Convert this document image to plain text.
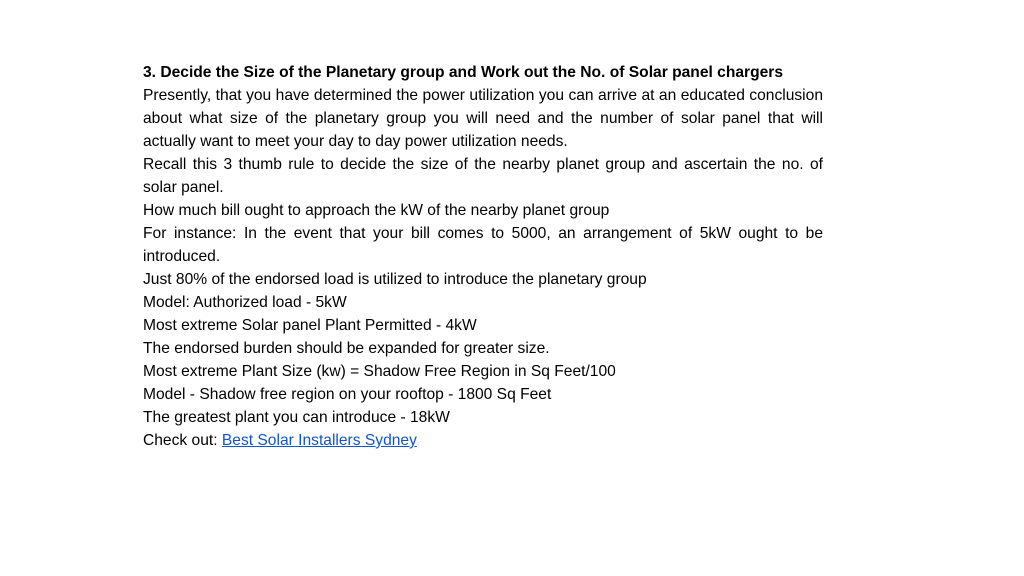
3. Decide the Size of the Planetary group and Work out the No. of Solar panel chargers

Presently, that you have determined the power utilization you can arrive at an educated conclusion about what size of the planetary group you will need and the number of solar panel that will actually want to meet your day to day power utilization needs.

Recall this 3 thumb rule to decide the size of the nearby planet group and ascertain the no. of solar panel.

How much bill ought to approach the kW of the nearby planet group

For instance: In the event that your bill comes to 5000, an arrangement of 5kW ought to be introduced.

Just 80% of the endorsed load is utilized to introduce the planetary group

Model: Authorized load - 5kW

Most extreme Solar panel Plant Permitted - 4kW

The endorsed burden should be expanded for greater size.

Most extreme Plant Size (kw) = Shadow Free Region in Sq Feet/100

Model - Shadow free region on your rooftop - 1800 Sq Feet

The greatest plant you can introduce - 18kW

Check out: Best Solar Installers Sydney
